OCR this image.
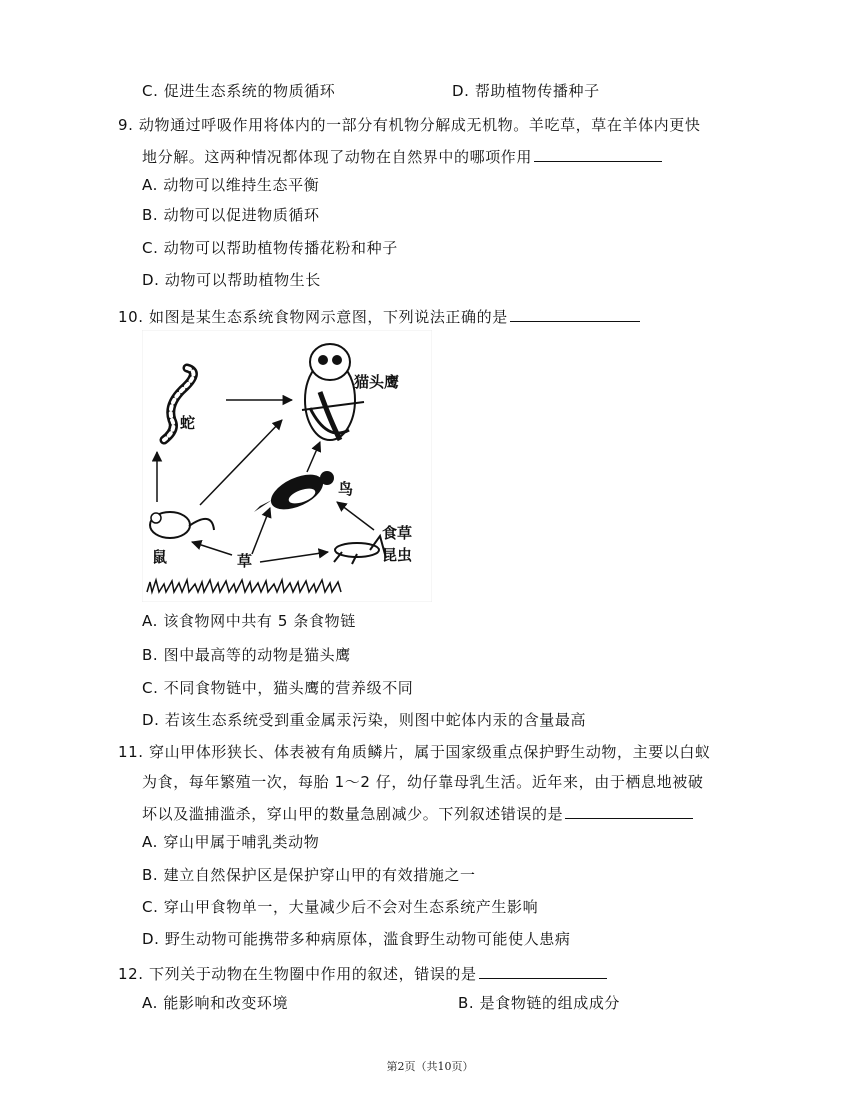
C. 促进生态系统的物质循环	D. 帮助植物传播种子
9. 动物通过呼吸作用将体内的一部分有机物分解成无机物。羊吃草，草在羊体内更快
地分解。这两种情况都体现了动物在自然界中的哪项作用
A. 动物可以维持生态平衡
B. 动物可以促进物质循环
C. 动物可以帮助植物传播花粉和种子
D. 动物可以帮助植物生长
10. 如图是某生态系统食物网示意图，下列说法正确的是
猫头鹰
蛇
鸟
鼠	草
食草
昆虫
A. 该食物网中共有 5 条食物链
B. 图中最高等的动物是猫头鹰
C. 不同食物链中，猫头鹰的营养级不同
D. 若该生态系统受到重金属汞污染，则图中蛇体内汞的含量最高
11. 穿山甲体形狭长、体表被有角质鳞片，属于国家级重点保护野生动物，主要以白蚁
为食，每年繁殖一次，每胎 1～2 仔，幼仔靠母乳生活。近年来，由于栖息地被破
坏以及滥捕滥杀，穿山甲的数量急剧减少。下列叙述错误的是
A. 穿山甲属于哺乳类动物
B. 建立自然保护区是保护穿山甲的有效措施之一
C. 穿山甲食物单一，大量减少后不会对生态系统产生影响
D. 野生动物可能携带多种病原体，滥食野生动物可能使人患病
12. 下列关于动物在生物圈中作用的叙述，错误的是
A. 能影响和改变环境	B. 是食物链的组成成分
第2页（共10页）
